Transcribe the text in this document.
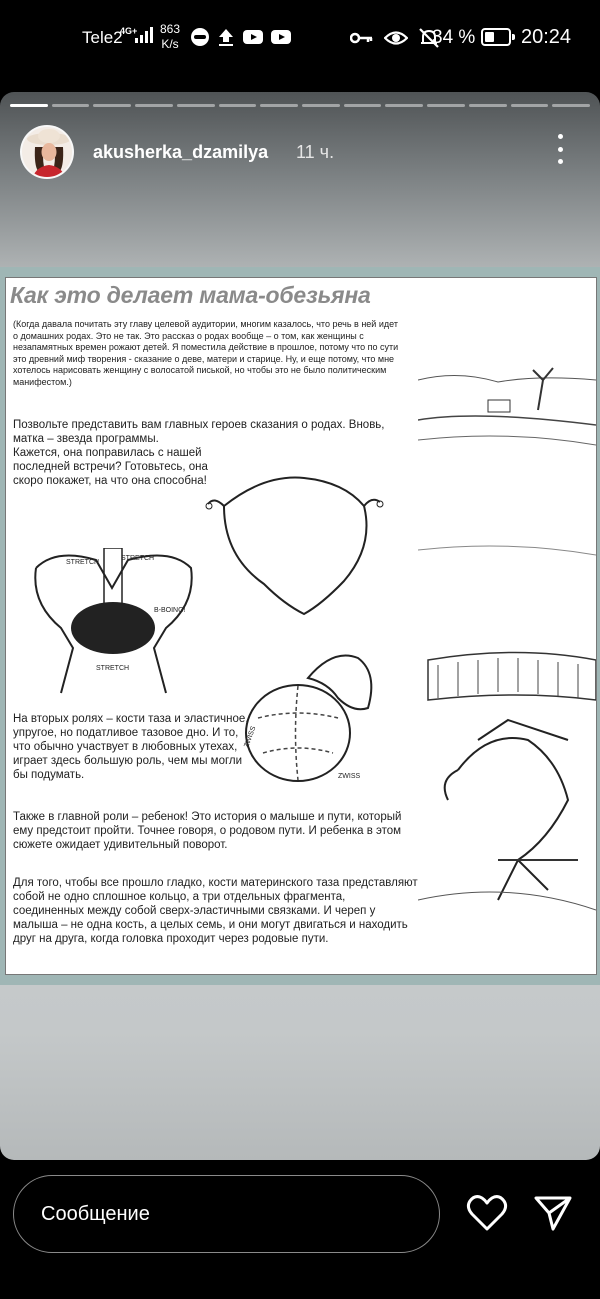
Tele2
4G+ 863
K/s	34 % 20:24
akusherka_dzamilya 11 ч.
Как это делает мама-обезьяна
(Когда давала почитать эту главу целевой аудитории, многим казалось, что речь в ней идет о домашних родах. Это не так. Это рассказ о родах вообще – о том, как женщины с незапамятных времен рожают детей. Я поместила действие в прошлое, потому что по сути это древний миф творения - сказание о деве, матери и старице. Ну, и еще потому, что мне хотелось нарисовать женщину с волосатой писькой, но чтобы это не было политическим манифестом.)
Позвольте представить вам главных героев сказания о родах. Вновь, матка – звезда программы.
Кажется, она поправилась с нашей последней встречи? Готовьтесь, она скоро покажет, на что она способна!
На вторых ролях – кости таза и эластичное, упругое, но податливое тазовое дно. И то, что обычно участвует в любовных утехах, играет здесь большую роль, чем мы могли бы подумать.
Также в главной роли – ребенок! Это история о малыше и пути, который ему предстоит пройти. Точнее говоря, о родовом пути. И ребенка в этом сюжете ожидает удивительный поворот.
Для того, чтобы все прошло гладко, кости материнского таза представляют собой не одно сплошное кольцо, а три отдельных фрагмента, соединенных между собой сверх-эластичными связками. И череп у малыша – не одна кость, а целых семь, и они могут двигаться и находить друг на друга, когда головка проходит через родовые пути.
STRETCH
STRETCH
B-BOING!
STRETCH
ZWISS
ZWISS
Сообщение
